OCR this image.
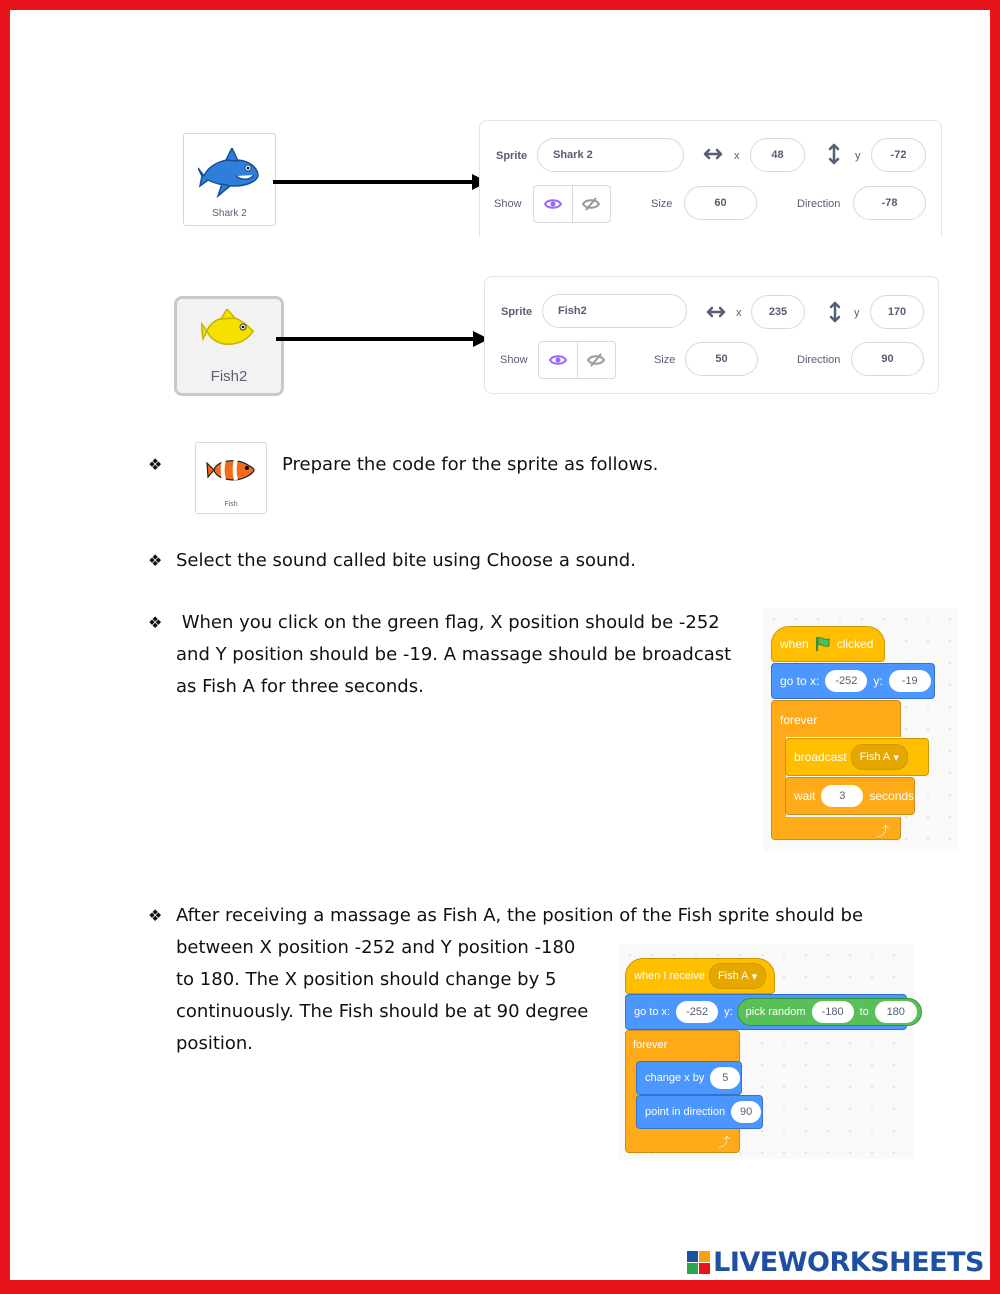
Shark 2
Sprite	Shark 2	x	48	y	-72
Show	Size	60	Direction	-78
Fish2
Sprite	Fish2	x	235	y	170
Show	Size	50	Direction	90
❖
Fish
Prepare the code for the sprite as follows.
❖ Select the sound called bite using Choose a sound.
❖ When you click on the green flag, X position should be -252
and Y position should be -19. A massage should be broadcast
as Fish A for three seconds.
when clicked
go to x:	-252	y:	-19
forever
⤴
broadcast Fish A ▾
wait	3	seconds
❖ After receiving a massage as Fish A, the position of the Fish sprite should be
between X position -252 and Y position -180
to 180. The X position should change by 5
continuously. The Fish should be at 90 degree
position.
when I receive Fish A ▾
go to x:	-252	y: pick random	-180	to	180
forever
⤴
change x by	5
point in direction	90
LIVEWORKSHEETS
